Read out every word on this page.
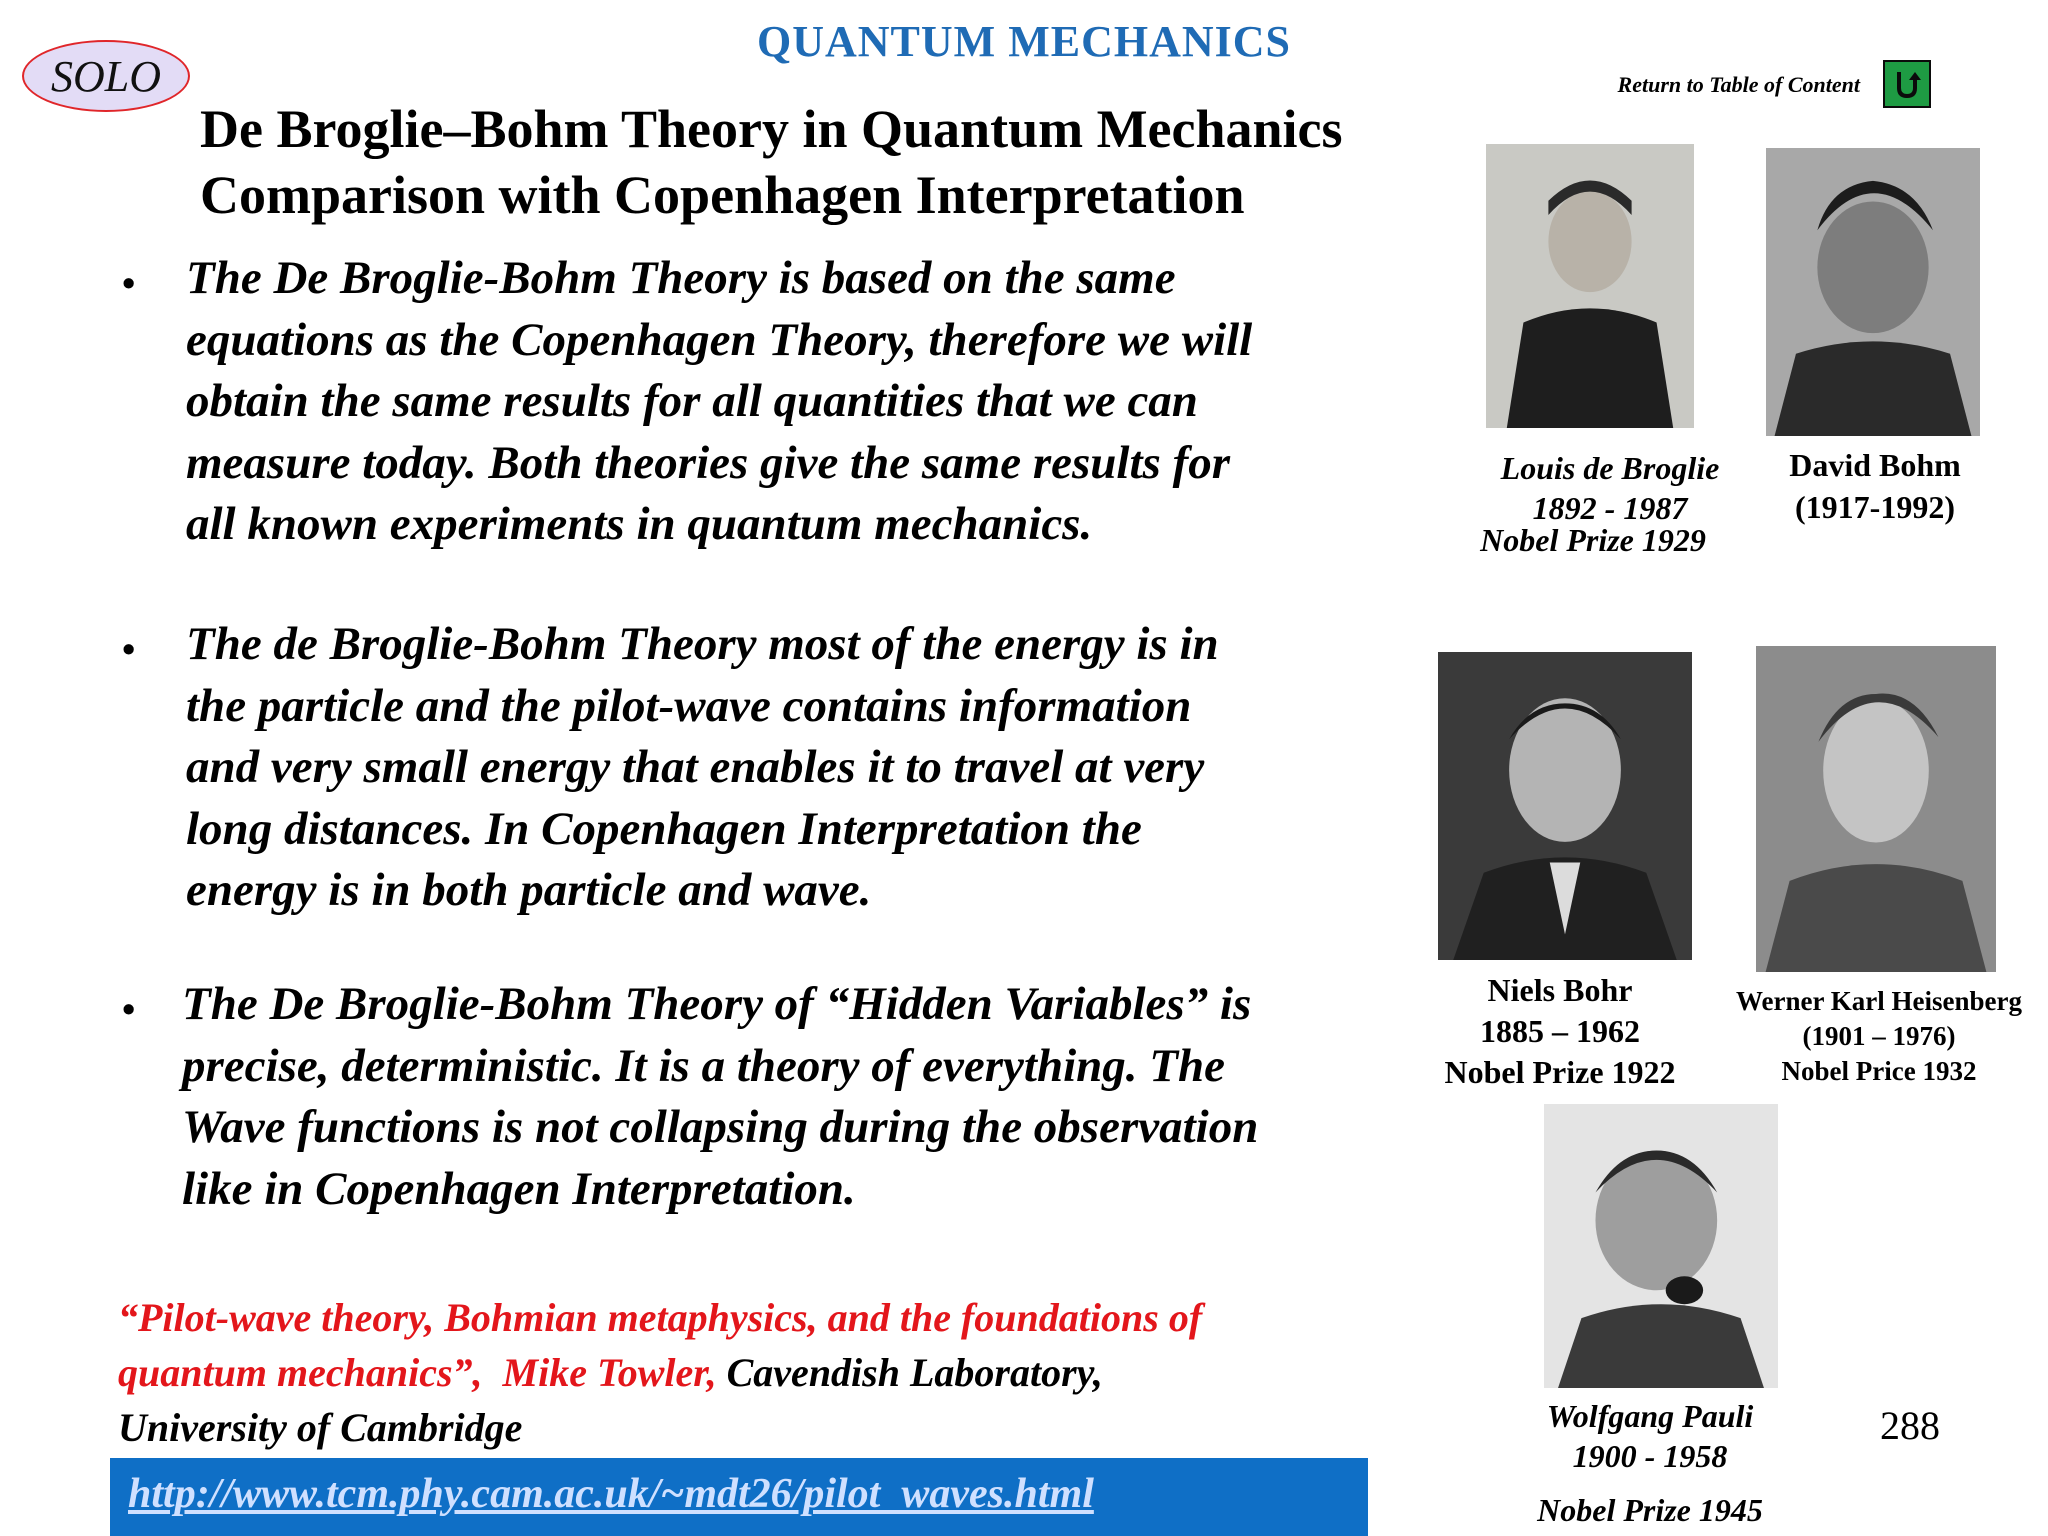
SOLO
QUANTUM MECHANICS
Return to Table of Content
De Broglie–Bohm Theory in Quantum Mechanics
Comparison with Copenhagen Interpretation
• The De Broglie-Bohm Theory is based on the same
equations as the Copenhagen Theory, therefore we will
obtain the same results for all quantities that we can
measure today. Both theories give the same results for
all known experiments in quantum mechanics.
• The de Broglie-Bohm Theory most of the energy is in
the particle and the pilot-wave contains information
and very small energy that enables it to travel at very
long distances. In Copenhagen Interpretation the
energy is in both particle and wave.
• The De Broglie-Bohm Theory of “Hidden Variables” is
precise, deterministic. It is a theory of everything. The
Wave functions is not collapsing during the observation
like in Copenhagen Interpretation.
“Pilot-wave theory, Bohmian metaphysics, and the foundations of
quantum mechanics”, Mike Towler, Cavendish Laboratory,
University of Cambridge
http://www.tcm.phy.cam.ac.uk/~mdt26/pilot_waves.html
Louis de Broglie
1892 - 1987
Nobel Prize 1929
David Bohm
(1917-1992)
Niels Bohr
1885 – 1962
Nobel Prize 1922
Werner Karl Heisenberg
(1901 – 1976)
Nobel Price 1932
Wolfgang Pauli
1900 - 1958
Nobel Prize 1945
288
